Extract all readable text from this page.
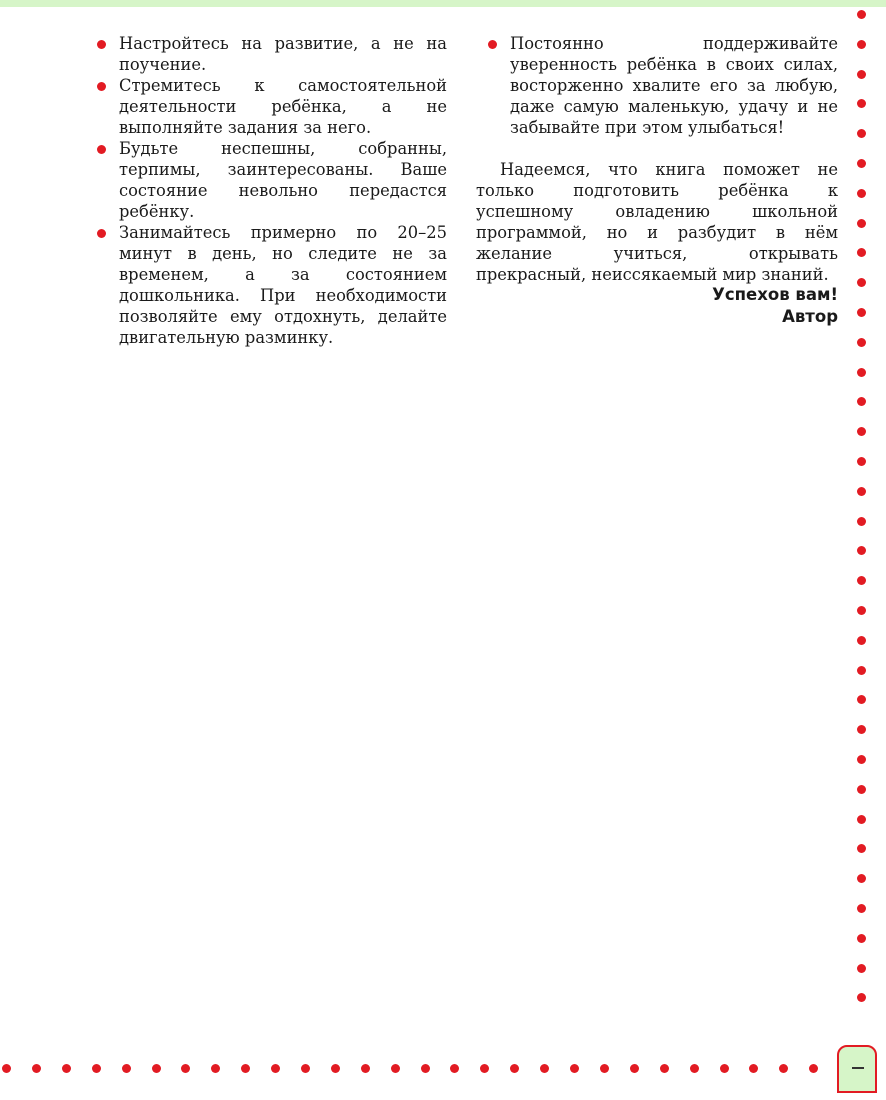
Настройтесь на развитие, а не на поучение.

Стремитесь к самостоятельной деятельности ребёнка, а не выполняйте задания за него.

Будьте неспешны, собранны, терпимы, заинтересованы. Ваше состояние невольно передастся ребёнку.

Занимайтесь примерно по 20–25 минут в день, но следите не за временем, а за состоянием дошкольника. При необходимости позволяйте ему отдохнуть, делайте двигательную разминку.

Постоянно поддерживайте уверенность ребёнка в своих силах, восторженно хвалите его за любую, даже самую маленькую, удачу и не забывайте при этом улыбаться!

Надеемся, что книга поможет не только подготовить ребёнка к успешному овладению школьной программой, но и разбудит в нём желание учиться, открывать прекрасный, неиссякаемый мир знаний.

Успехов вам!
Автор
